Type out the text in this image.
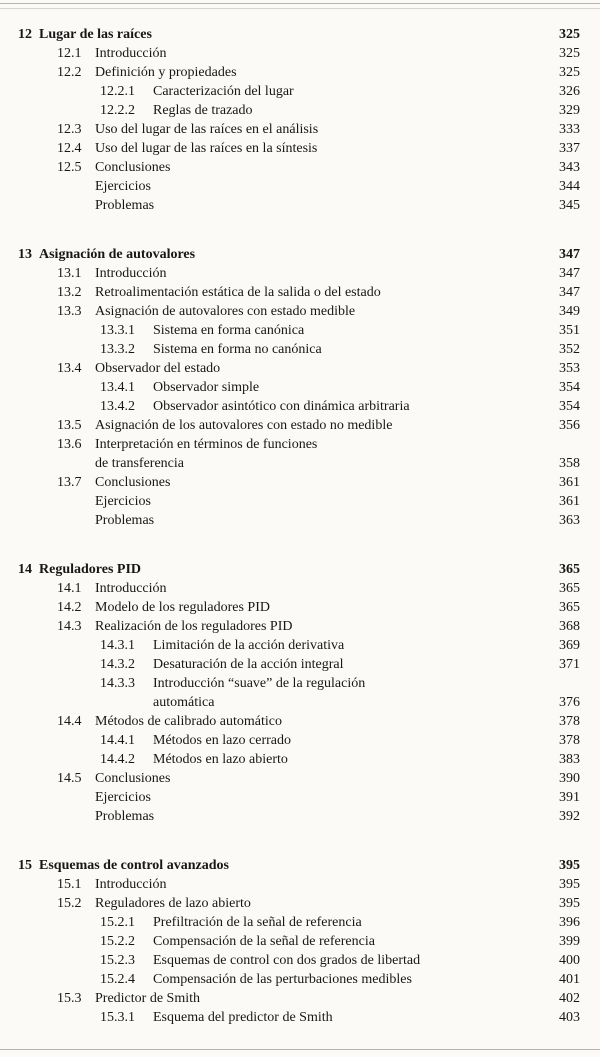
12 Lugar de las raíces	325
12.1 Introducción	325
12.2 Definición y propiedades	325
12.2.1	Caracterización del lugar	326
12.2.2	Reglas de trazado	329
12.3 Uso del lugar de las raíces en el análisis	333
12.4 Uso del lugar de las raíces en la síntesis	337
12.5 Conclusiones	343
Ejercicios	344
Problemas	345
13 Asignación de autovalores	347
13.1 Introducción	347
13.2 Retroalimentación estática de la salida o del estado	347
13.3 Asignación de autovalores con estado medible	349
13.3.1	Sistema en forma canónica	351
13.3.2	Sistema en forma no canónica	352
13.4 Observador del estado	353
13.4.1	Observador simple	354
13.4.2	Observador asintótico con dinámica arbitraria	354
13.5 Asignación de los autovalores con estado no medible	356
13.6 Interpretación en términos de funciones
de transferencia	358
13.7 Conclusiones	361
Ejercicios	361
Problemas	363
14 Reguladores PID	365
14.1 Introducción	365
14.2 Modelo de los reguladores PID	365
14.3 Realización de los reguladores PID	368
14.3.1	Limitación de la acción derivativa	369
14.3.2	Desaturación de la acción integral	371
14.3.3	Introducción “suave” de la regulación
automática	376
14.4 Métodos de calibrado automático	378
14.4.1	Métodos en lazo cerrado	378
14.4.2	Métodos en lazo abierto	383
14.5 Conclusiones	390
Ejercicios	391
Problemas	392
15 Esquemas de control avanzados	395
15.1 Introducción	395
15.2 Reguladores de lazo abierto	395
15.2.1	Prefiltración de la señal de referencia	396
15.2.2	Compensación de la señal de referencia	399
15.2.3	Esquemas de control con dos grados de libertad	400
15.2.4	Compensación de las perturbaciones medibles	401
15.3 Predictor de Smith	402
15.3.1	Esquema del predictor de Smith	403
